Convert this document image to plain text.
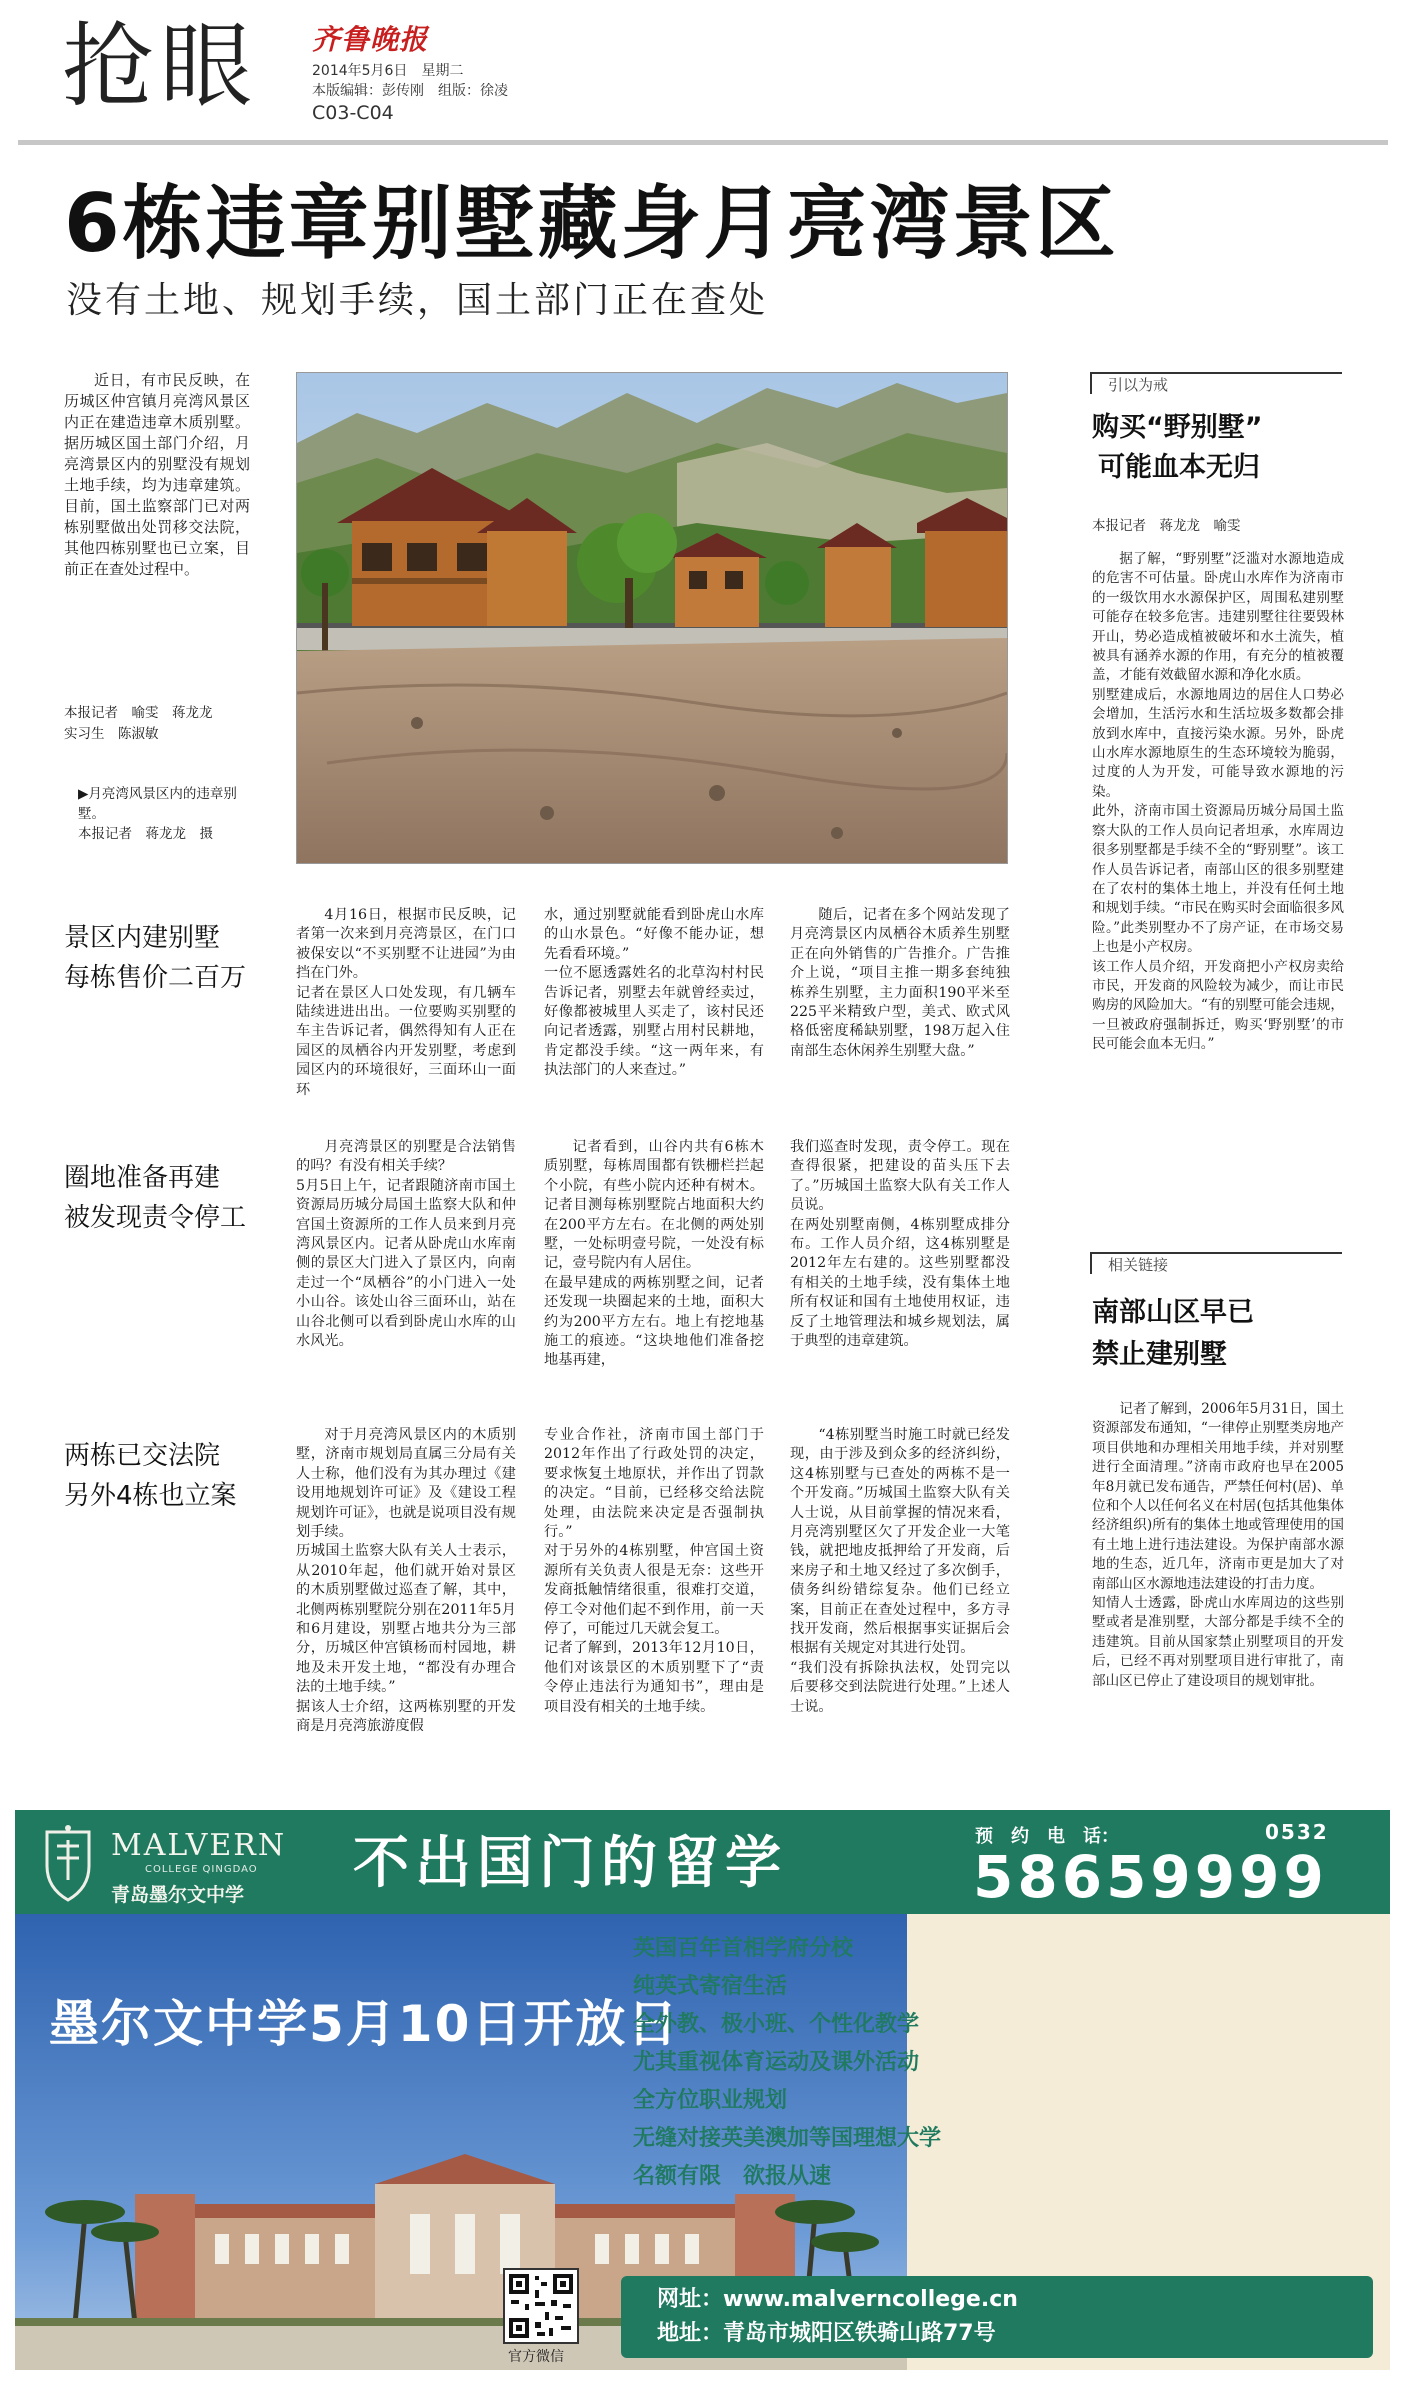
抢眼 齐鲁晚报
2014年5月6日　星期二
本版编辑：彭传刚　组版：徐凌
C03-C04
6栋违章别墅藏身月亮湾景区
没有土地、规划手续，国土部门正在查处

近日，有市民反映，在历城区仲宫镇月亮湾风景区内正在建造违章木质别墅。据历城区国土部门介绍，月亮湾景区内的别墅没有规划土地手续，均为违章建筑。目前，国土监察部门已对两栋别墅做出处罚移交法院，其他四栋别墅也已立案，目前正在查处过程中。

本报记者　喻雯　蒋龙龙
实习生　陈淑敏
▶月亮湾风景区内的违章别墅。
本报记者　蒋龙龙　摄
景区内建别墅
每栋售价二百万

4月16日，根据市民反映，记者第一次来到月亮湾景区，在门口被保安以“不买别墅不让进园”为由挡在门外。
记者在景区人口处发现，有几辆车陆续进进出出。一位要购买别墅的车主告诉记者，偶然得知有人正在园区的凤栖谷内开发别墅，考虑到园区内的环境很好，三面环山一面环

水，通过别墅就能看到卧虎山水库的山水景色。“好像不能办证，想先看看环境。”
一位不愿透露姓名的北草沟村村民告诉记者，别墅去年就曾经卖过，好像都被城里人买走了，该村民还向记者透露，别墅占用村民耕地，肯定都没手续。“这一两年来，有执法部门的人来查过。”

随后，记者在多个网站发现了月亮湾景区内凤栖谷木质养生别墅正在向外销售的广告推介。广告推介上说，“项目主推一期多套纯独栋养生别墅，主力面积190平米至225平米精致户型，美式、欧式风格低密度稀缺别墅，198万起入住南部生态休闲养生别墅大盘。”

圈地准备再建
被发现责令停工

月亮湾景区的别墅是合法销售的吗？有没有相关手续？
5月5日上午，记者跟随济南市国土资源局历城分局国土监察大队和仲宫国土资源所的工作人员来到月亮湾风景区内。记者从卧虎山水库南侧的景区大门进入了景区内，向南走过一个“凤栖谷”的小门进入一处小山谷。该处山谷三面环山，站在山谷北侧可以看到卧虎山水库的山水风光。

记者看到，山谷内共有6栋木质别墅，每栋周围都有铁栅栏拦起个小院，有些小院内还种有树木。记者目测每栋别墅院占地面积大约在200平方左右。在北侧的两处别墅，一处标明壹号院，一处没有标记，壹号院内有人居住。
在最早建成的两栋别墅之间，记者还发现一块圈起来的土地，面积大约为200平方左右。地上有挖地基施工的痕迹。“这块地他们准备挖地基再建，

我们巡查时发现，责令停工。现在查得很紧，把建设的苗头压下去了。”历城国土监察大队有关工作人员说。
在两处别墅南侧，4栋别墅成排分布。工作人员介绍，这4栋别墅是2012年左右建的。这些别墅都没有相关的土地手续，没有集体土地所有权证和国有土地使用权证，违反了土地管理法和城乡规划法，属于典型的违章建筑。

两栋已交法院
另外4栋也立案

对于月亮湾风景区内的木质别墅，济南市规划局直属三分局有关人士称，他们没有为其办理过《建设用地规划许可证》及《建设工程规划许可证》，也就是说项目没有规划手续。
历城国土监察大队有关人士表示，从2010年起，他们就开始对景区的木质别墅做过巡查了解，其中，北侧两栋别墅院分别在2011年5月和6月建设，别墅占地共分为三部分，历城区仲宫镇杨而村园地，耕地及未开发土地，“都没有办理合法的土地手续。”
据该人士介绍，这两栋别墅的开发商是月亮湾旅游度假

专业合作社，济南市国土部门于2012年作出了行政处罚的决定，要求恢复土地原状，并作出了罚款的决定。“目前，已经移交给法院处理，由法院来决定是否强制执行。”
对于另外的4栋别墅，仲宫国土资源所有关负责人很是无奈：这些开发商抵触情绪很重，很难打交道，停工令对他们起不到作用，前一天停了，可能过几天就会复工。
记者了解到，2013年12月10日，他们对该景区的木质别墅下了“责令停止违法行为通知书”，理由是项目没有相关的土地手续。

“4栋别墅当时施工时就已经发现，由于涉及到众多的经济纠纷，这4栋别墅与已查处的两栋不是一个开发商。”历城国土监察大队有关人士说，从目前掌握的情况来看，月亮湾别墅区欠了开发企业一大笔钱，就把地皮抵押给了开发商，后来房子和土地又经过了多次倒手，债务纠纷错综复杂。他们已经立案，目前正在查处过程中，多方寻找开发商，然后根据事实证据后会根据有关规定对其进行处罚。
“我们没有拆除执法权，处罚完以后要移交到法院进行处理。”上述人士说。

引以为戒
购买“野别墅”
可能血本无归
本报记者　蒋龙龙　喻雯

据了解，“野别墅”泛滥对水源地造成的危害不可估量。卧虎山水库作为济南市的一级饮用水水源保护区，周围私建别墅可能存在较多危害。违建别墅往往要毁林开山，势必造成植被破坏和水土流失，植被具有涵养水源的作用，有充分的植被覆盖，才能有效截留水源和净化水质。
别墅建成后，水源地周边的居住人口势必会增加，生活污水和生活垃圾多数都会排放到水库中，直接污染水源。另外，卧虎山水库水源地原生的生态环境较为脆弱，过度的人为开发，可能导致水源地的污染。
此外，济南市国土资源局历城分局国土监察大队的工作人员向记者坦承，水库周边很多别墅都是手续不全的“野别墅”。该工作人员告诉记者，南部山区的很多别墅建在了农村的集体土地上，并没有任何土地和规划手续。“市民在购买时会面临很多风险。”此类别墅办不了房产证，在市场交易上也是小产权房。
该工作人员介绍，开发商把小产权房卖给市民，开发商的风险较为减少，而让市民购房的风险加大。“有的别墅可能会违规，一旦被政府强制拆迁，购买‘野别墅’的市民可能会血本无归。”

相关链接
南部山区早已
禁止建别墅

记者了解到，2006年5月31日，国土资源部发布通知，“一律停止别墅类房地产项目供地和办理相关用地手续，并对别墅进行全面清理。”济南市政府也早在2005年8月就已发布通告，严禁任何村(居)、单位和个人以任何名义在村居(包括其他集体经济组织)所有的集体土地或管理使用的国有土地上进行违法建设。为保护南部水源地的生态，近几年，济南市更是加大了对南部山区水源地违法建设的打击力度。
知情人士透露，卧虎山水库周边的这些别墅或者是准别墅，大部分都是手续不全的违建筑。目前从国家禁止别墅项目的开发后，已经不再对别墅项目进行审批了，南部山区已停止了建设项目的规划审批。

MALVERN
COLLEGE QINGDAO
青岛墨尔文中学 不出国门的留学	预　约　电　话：	0532
58659999
墨尔文中学5月10日开放日
官方微信
英国百年首相学府分校
纯英式寄宿生活
全外教、极小班、个性化教学
尤其重视体育运动及课外活动
全方位职业规划
无缝对接英美澳加等国理想大学
名额有限　欲报从速
网址：www.malverncollege.cn
地址：青岛市城阳区铁骑山路77号
